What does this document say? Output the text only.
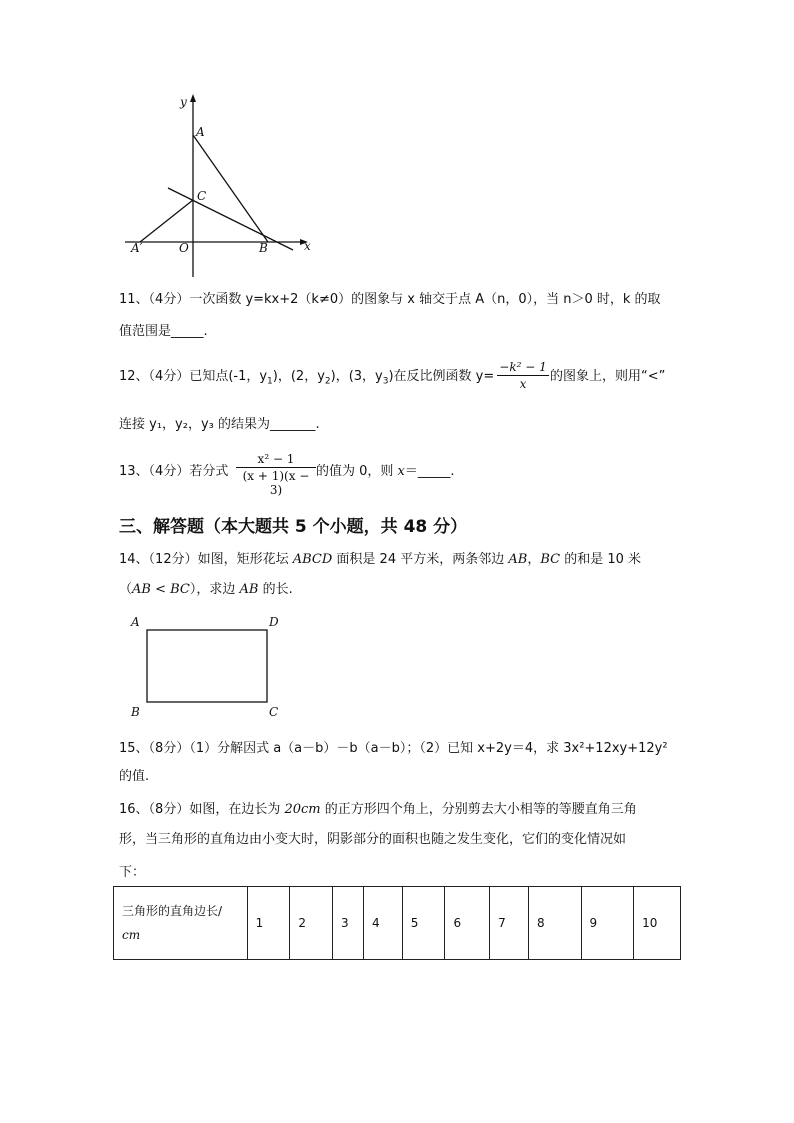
y
x
A
C
B
O
A′
11、（4分）一次函数 y=kx+2（k≠0）的图象与 x 轴交于点 A（n，0），当 n＞0 时，k 的取
值范围是_____.
12、（4分）已知点(-1，$y_1$)，(2，$y_2$)，(3，$y_3$)在反比例函数 y=
−k² − 1
x	的图象上，则用“<”
连接 y₁，y₂，y₃ 的结果为_______.
13、（4分）若分式
x² − 1
(x + 1)(x − 3)
的值为 0，则 x＝_____.
三、解答题（本大题共 5 个小题，共 48 分）
14、（12分）如图，矩形花坛 ABCD 面积是 24 平方米，两条邻边 AB，BC 的和是 10 米
（AB < BC），求边 AB 的长.
A	D
B	C
15、（8分）（1）分解因式 a（a－b）－b（a－b）；（2）已知 x+2y＝4，求 3x²+12xy+12y²
的值.
16、（8分）如图，在边长为 20cm 的正方形四个角上，分别剪去大小相等的等腰直角三角
形，当三角形的直角边由小变大时，阴影部分的面积也随之发生变化，它们的变化情况如
下：
三角形的直角边长/
cm	1	2	3	4	5	6	7	8	9	10
